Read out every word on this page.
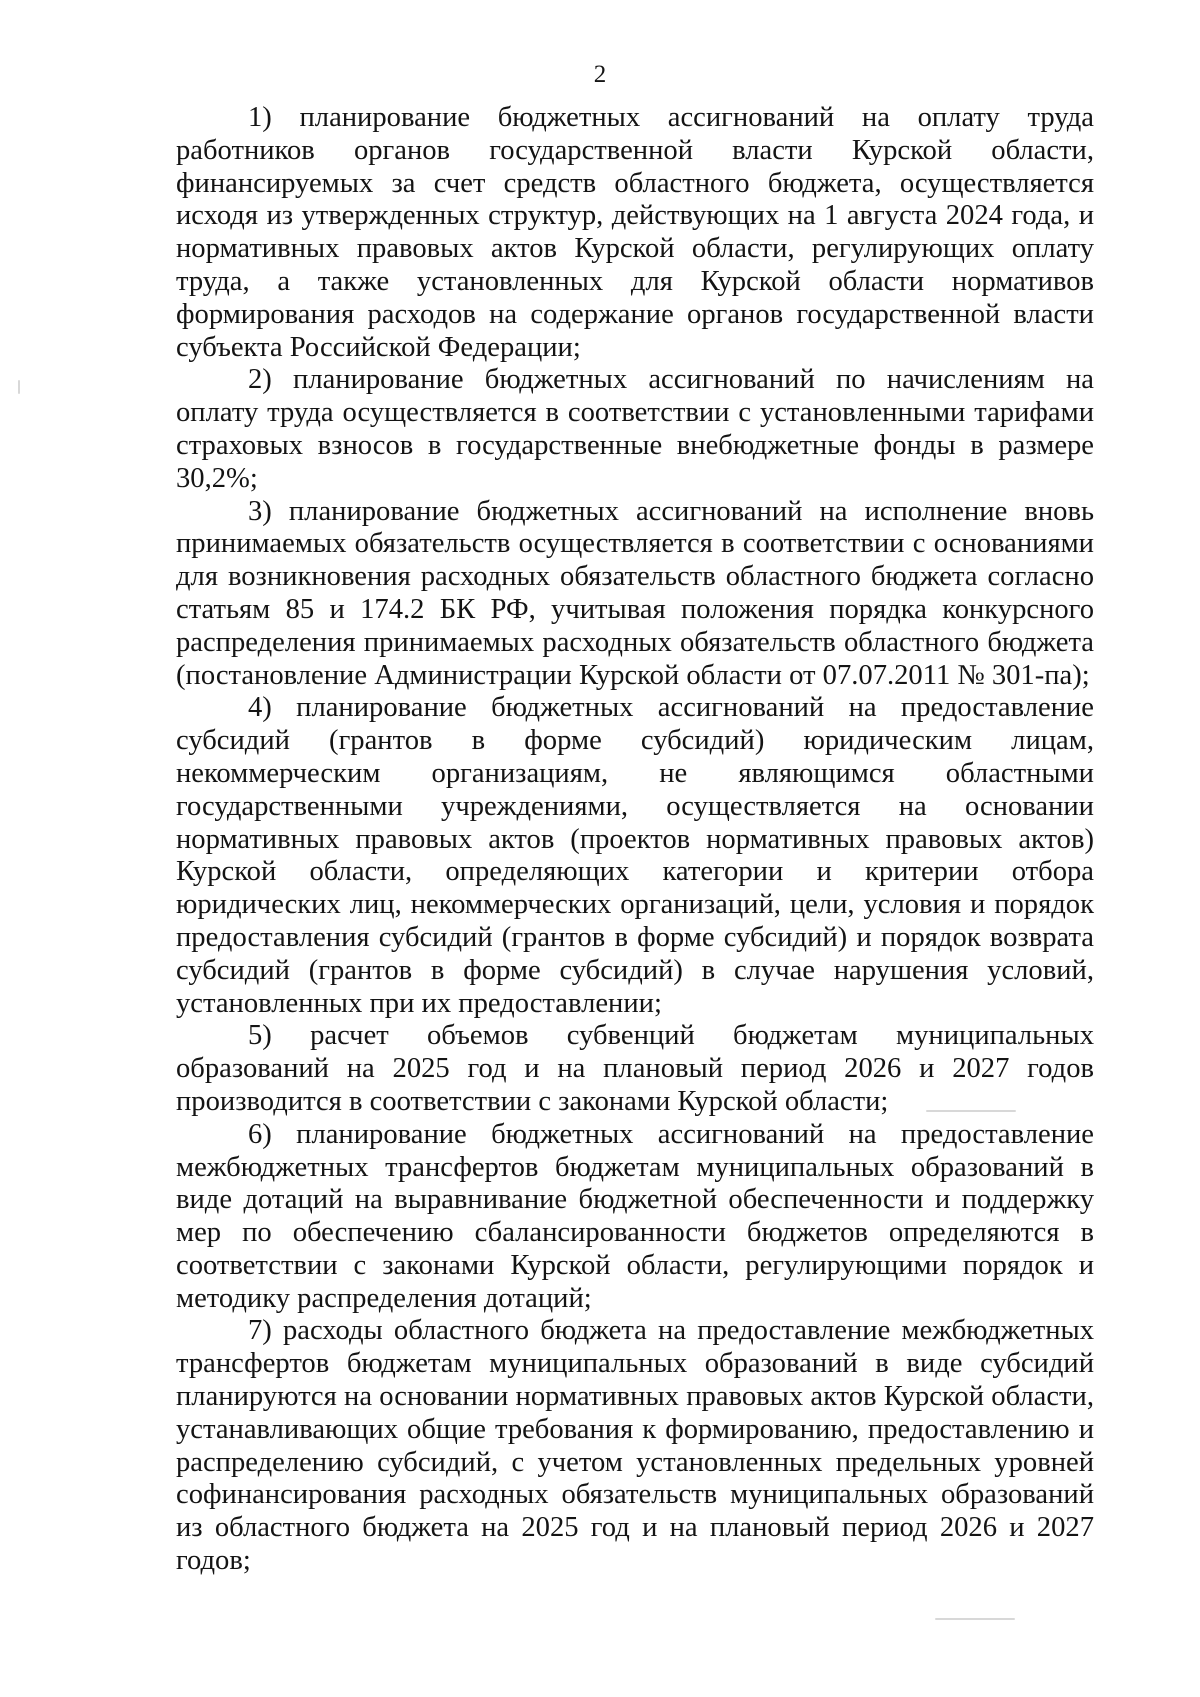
2

1) планирование бюджетных ассигнований на оплату труда работников органов государственной власти Курской области, финансируемых за счет средств областного бюджета, осуществляется исходя из утвержденных структур, действующих на 1 августа 2024 года, и нормативных правовых актов Курской области, регулирующих оплату труда, а также установленных для Курской области нормативов формирования расходов на содержание органов государственной власти субъекта Российской Федерации;

2) планирование бюджетных ассигнований по начислениям на оплату труда осуществляется в соответствии с установленными тарифами страховых взносов в государственные внебюджетные фонды в размере 30,2%;

3) планирование бюджетных ассигнований на исполнение вновь принимаемых обязательств осуществляется в соответствии с основаниями для возникновения расходных обязательств областного бюджета согласно статьям 85 и 174.2 БК РФ, учитывая положения порядка конкурсного распределения принимаемых расходных обязательств областного бюджета (постановление Администрации Курской области от 07.07.2011 № 301-па);

4) планирование бюджетных ассигнований на предоставление субсидий (грантов в форме субсидий) юридическим лицам, некоммерческим организациям, не являющимся областными государственными учреждениями, осуществляется на основании нормативных правовых актов (проектов нормативных правовых актов) Курской области, определяющих категории и критерии отбора юридических лиц, некоммерческих организаций, цели, условия и порядок предоставления субсидий (грантов в форме субсидий) и порядок возврата субсидий (грантов в форме субсидий) в случае нарушения условий, установленных при их предоставлении;

5) расчет объемов субвенций бюджетам муниципальных образований на 2025 год и на плановый период 2026 и 2027 годов производится в соответствии с законами Курской области;

6) планирование бюджетных ассигнований на предоставление межбюджетных трансфертов бюджетам муниципальных образований в виде дотаций на выравнивание бюджетной обеспеченности и поддержку мер по обеспечению сбалансированности бюджетов определяются в соответствии с законами Курской области, регулирующими порядок и методику распределения дотаций;

7) расходы областного бюджета на предоставление межбюджетных трансфертов бюджетам муниципальных образований в виде субсидий планируются на основании нормативных правовых актов Курской области, устанавливающих общие требования к формированию, предоставлению и распределению субсидий, с учетом установленных предельных уровней софинансирования расходных обязательств муниципальных образований из областного бюджета на 2025 год и на плановый период 2026 и 2027 годов;
